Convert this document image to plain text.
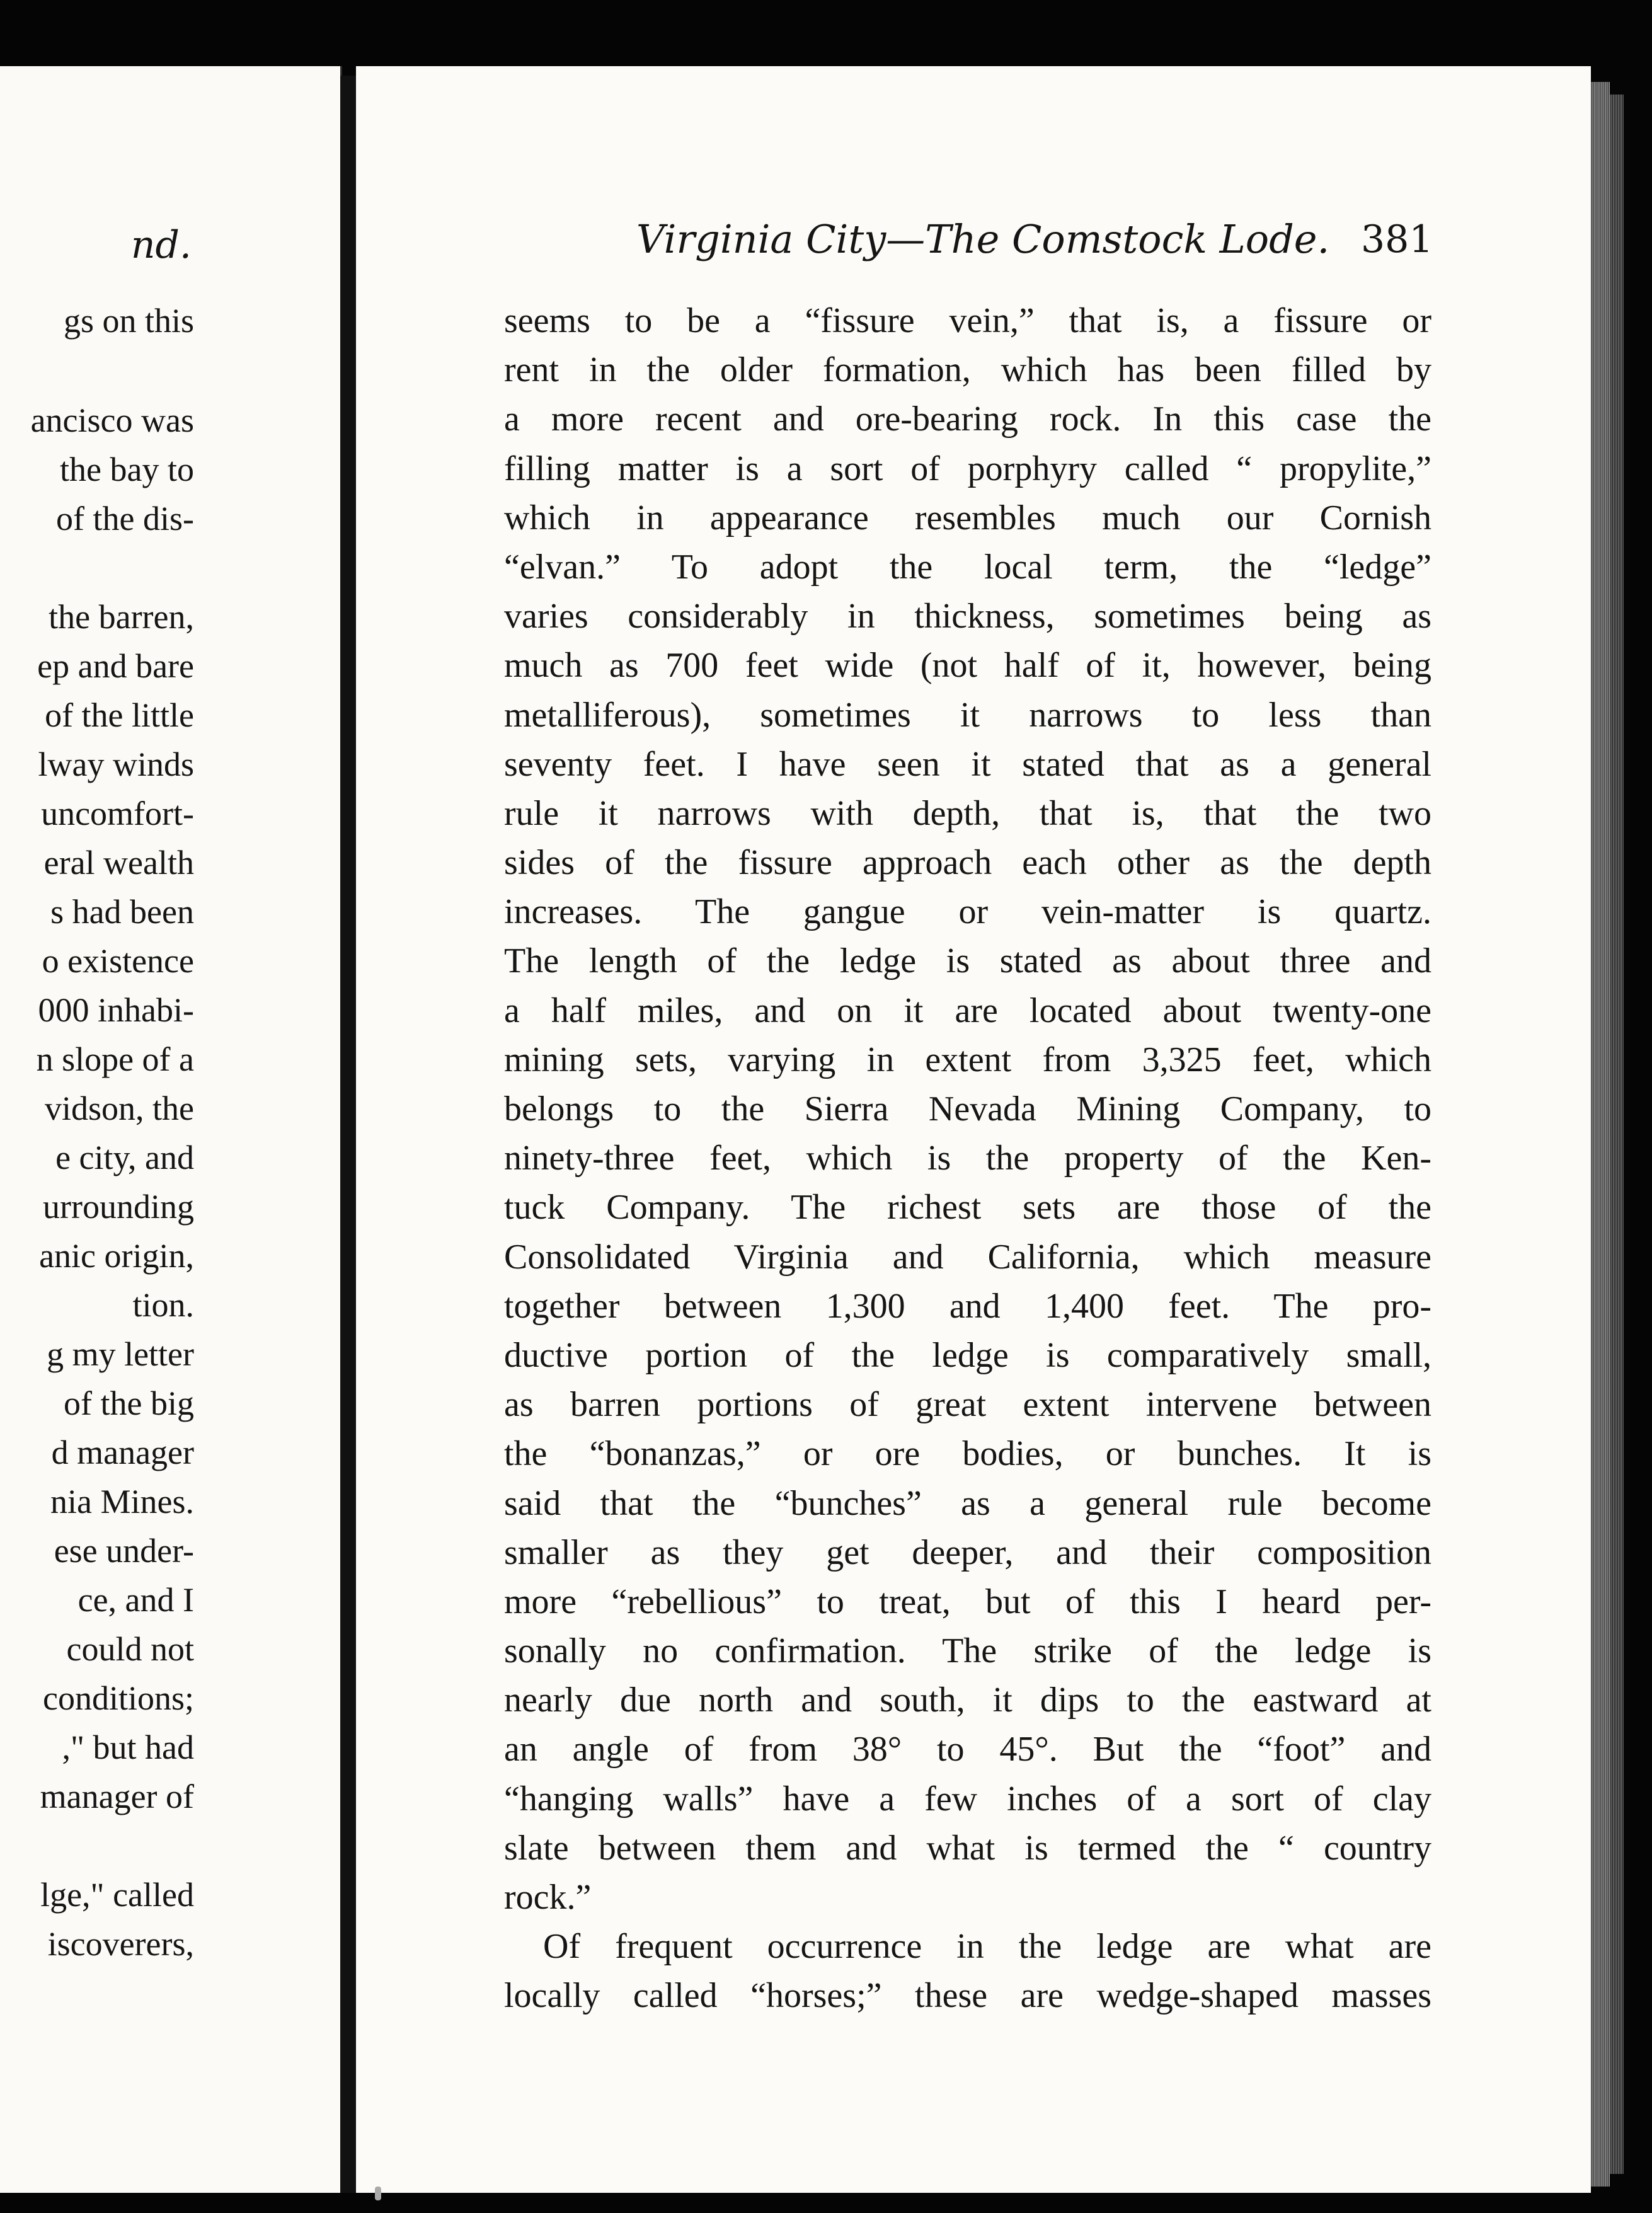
nd.
gs on this
ancisco was
the bay to
of the dis-
the barren,
ep and bare
of the little
lway winds
uncomfort-
eral wealth
s had been
o existence
000 inhabi-
n slope of a
vidson, the
e city, and
urrounding
anic origin,
tion.
g my letter
of the big
d manager
nia Mines.
ese under-
ce, and I
could not
conditions;
," but had
manager of
lge," called
iscoverers,
Virginia City—The Comstock Lode. 381
seems to be a “fissure vein,” that is, a fissure or
rent in the older formation, which has been filled by
a more recent and ore-bearing rock. In this case the
filling matter is a sort of porphyry called “ propylite,”
which in appearance resembles much our Cornish
“elvan.” To adopt the local term, the “ledge”
varies considerably in thickness, sometimes being as
much as 700 feet wide (not half of it, however, being
metalliferous), sometimes it narrows to less than
seventy feet. I have seen it stated that as a general
rule it narrows with depth, that is, that the two
sides of the fissure approach each other as the depth
increases. The gangue or vein-matter is quartz.
The length of the ledge is stated as about three and
a half miles, and on it are located about twenty-one
mining sets, varying in extent from 3,325 feet, which
belongs to the Sierra Nevada Mining Company, to
ninety-three feet, which is the property of the Ken-
tuck Company. The richest sets are those of the
Consolidated Virginia and California, which measure
together between 1,300 and 1,400 feet. The pro-
ductive portion of the ledge is comparatively small,
as barren portions of great extent intervene between
the “bonanzas,” or ore bodies, or bunches. It is
said that the “bunches” as a general rule become
smaller as they get deeper, and their composition
more “rebellious” to treat, but of this I heard per-
sonally no confirmation. The strike of the ledge is
nearly due north and south, it dips to the eastward at
an angle of from 38° to 45°. But the “foot” and
“hanging walls” have a few inches of a sort of clay
slate between them and what is termed the “ country
rock.”
Of frequent occurrence in the ledge are what are
locally called “horses;” these are wedge-shaped masses
